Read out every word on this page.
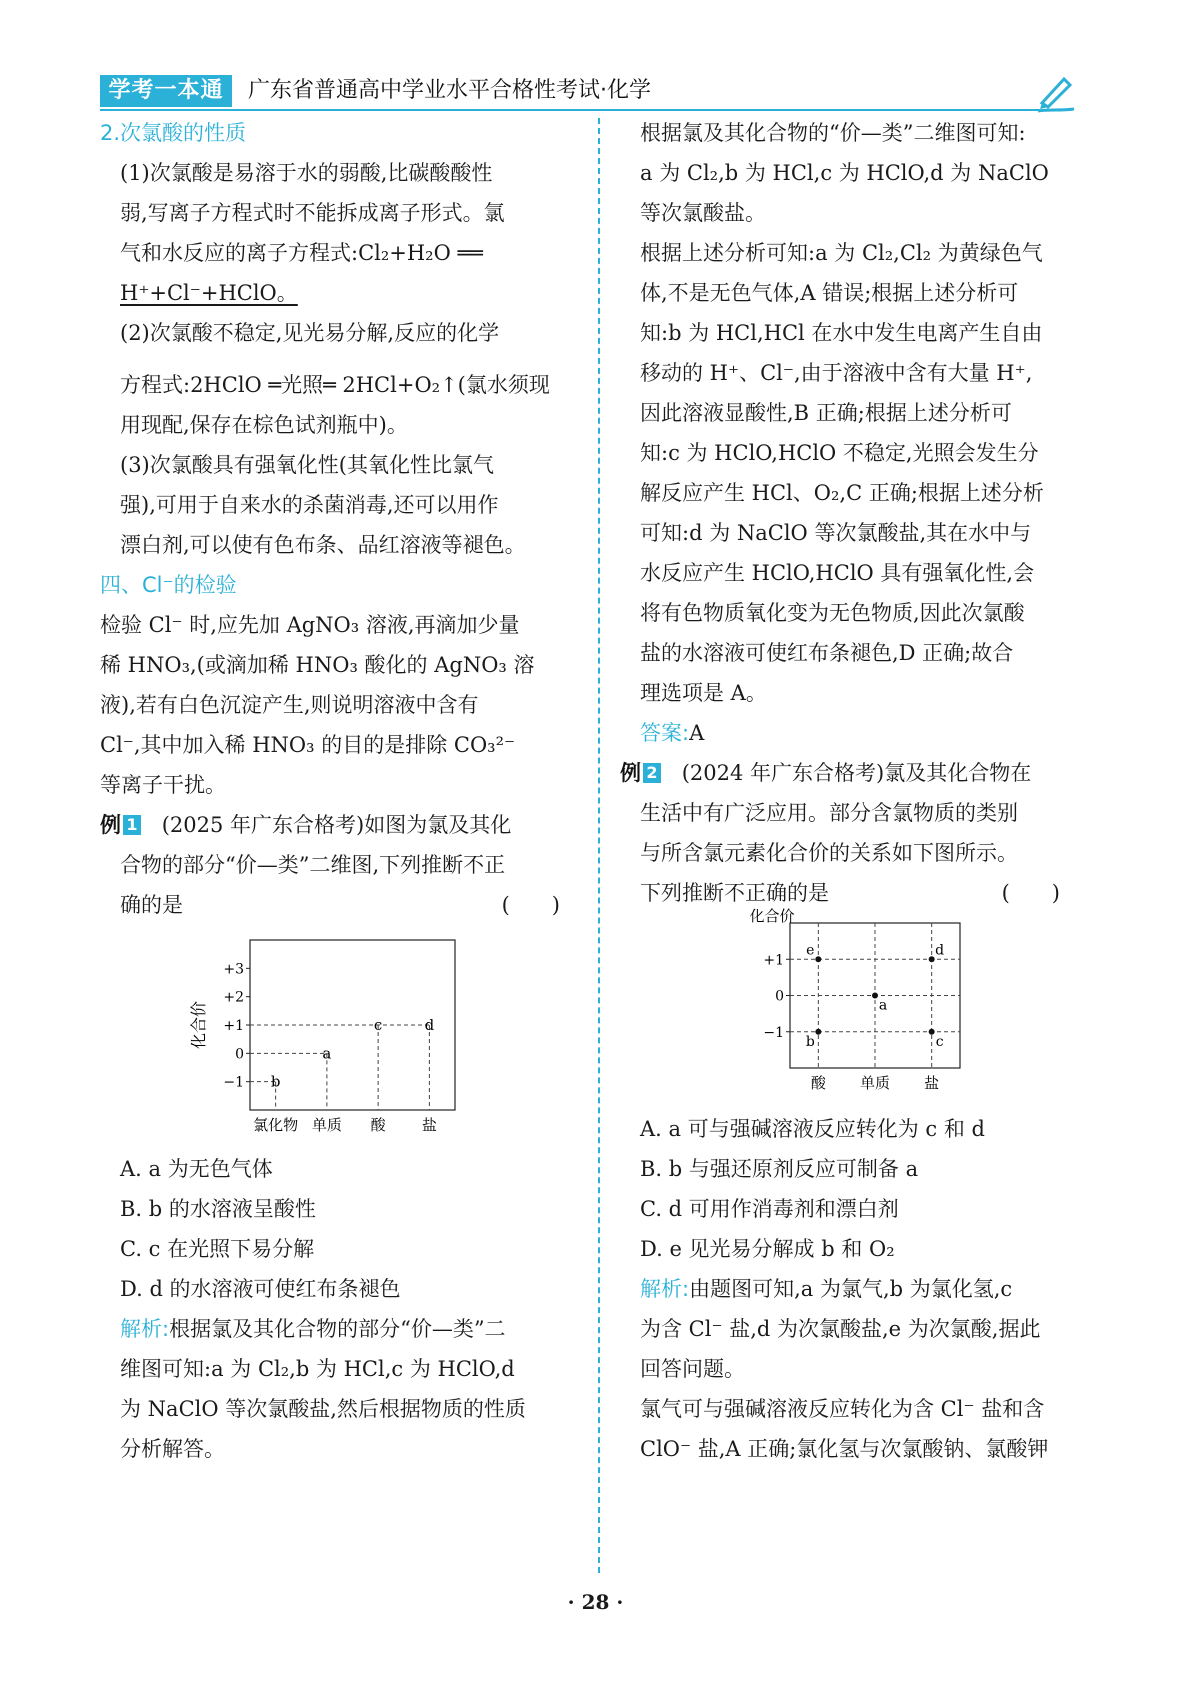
学考一本通	广东省普通高中学业水平合格性考试·化学
2.次氯酸的性质
(1)次氯酸是易溶于水的弱酸,比碳酸酸性
弱,写离子方程式时不能拆成离子形式。氯
气和水反应的离子方程式:Cl₂+H₂O ══
H⁺+Cl⁻+HClO。
(2)次氯酸不稳定,见光易分解,反应的化学
方程式:2HClO ═光照═ 2HCl+O₂↑(氯水须现
用现配,保存在棕色试剂瓶中)。
(3)次氯酸具有强氧化性(其氧化性比氯气
强),可用于自来水的杀菌消毒,还可以用作
漂白剂,可以使有色布条、品红溶液等褪色。
四、Cl⁻的检验
检验 Cl⁻ 时,应先加 AgNO₃ 溶液,再滴加少量
稀 HNO₃,(或滴加稀 HNO₃ 酸化的 AgNO₃ 溶
液),若有白色沉淀产生,则说明溶液中含有
Cl⁻,其中加入稀 HNO₃ 的目的是排除 CO₃²⁻
等离子干扰。
例 1 (2025 年广东合格考)如图为氯及其化
合物的部分“价—类”二维图,下列推断不正
确的是	(　　)
+3
+2
+1
0
−1
氯化物 单质 酸 盐
化合价
a
b
c	d
A. a 为无色气体
B. b 的水溶液呈酸性
C. c 在光照下易分解
D. d 的水溶液可使红布条褪色
解析:根据氯及其化合物的部分“价—类”二
维图可知:a 为 Cl₂,b 为 HCl,c 为 HClO,d
为 NaClO 等次氯酸盐,然后根据物质的性质
分析解答。
根据氯及其化合物的“价—类”二维图可知:
a 为 Cl₂,b 为 HCl,c 为 HClO,d 为 NaClO
等次氯酸盐。
根据上述分析可知:a 为 Cl₂,Cl₂ 为黄绿色气
体,不是无色气体,A 错误;根据上述分析可
知:b 为 HCl,HCl 在水中发生电离产生自由
移动的 H⁺、Cl⁻,由于溶液中含有大量 H⁺,
因此溶液显酸性,B 正确;根据上述分析可
知:c 为 HClO,HClO 不稳定,光照会发生分
解反应产生 HCl、O₂,C 正确;根据上述分析
可知:d 为 NaClO 等次氯酸盐,其在水中与
水反应产生 HClO,HClO 具有强氧化性,会
将有色物质氧化变为无色物质,因此次氯酸
盐的水溶液可使红布条褪色,D 正确;故合
理选项是 A。
答案:A
例 2 (2024 年广东合格考)氯及其化合物在
生活中有广泛应用。部分含氯物质的类别
与所含氯元素化合价的关系如下图所示。
下列推断不正确的是	(　　)
+1
0
−1
酸 单质 盐
化合价
e	d
a
b	c
A. a 可与强碱溶液反应转化为 c 和 d
B. b 与强还原剂反应可制备 a
C. d 可用作消毒剂和漂白剂
D. e 见光易分解成 b 和 O₂
解析:由题图可知,a 为氯气,b 为氯化氢,c
为含 Cl⁻ 盐,d 为次氯酸盐,e 为次氯酸,据此
回答问题。
氯气可与强碱溶液反应转化为含 Cl⁻ 盐和含
ClO⁻ 盐,A 正确;氯化氢与次氯酸钠、氯酸钾
· 28 ·
